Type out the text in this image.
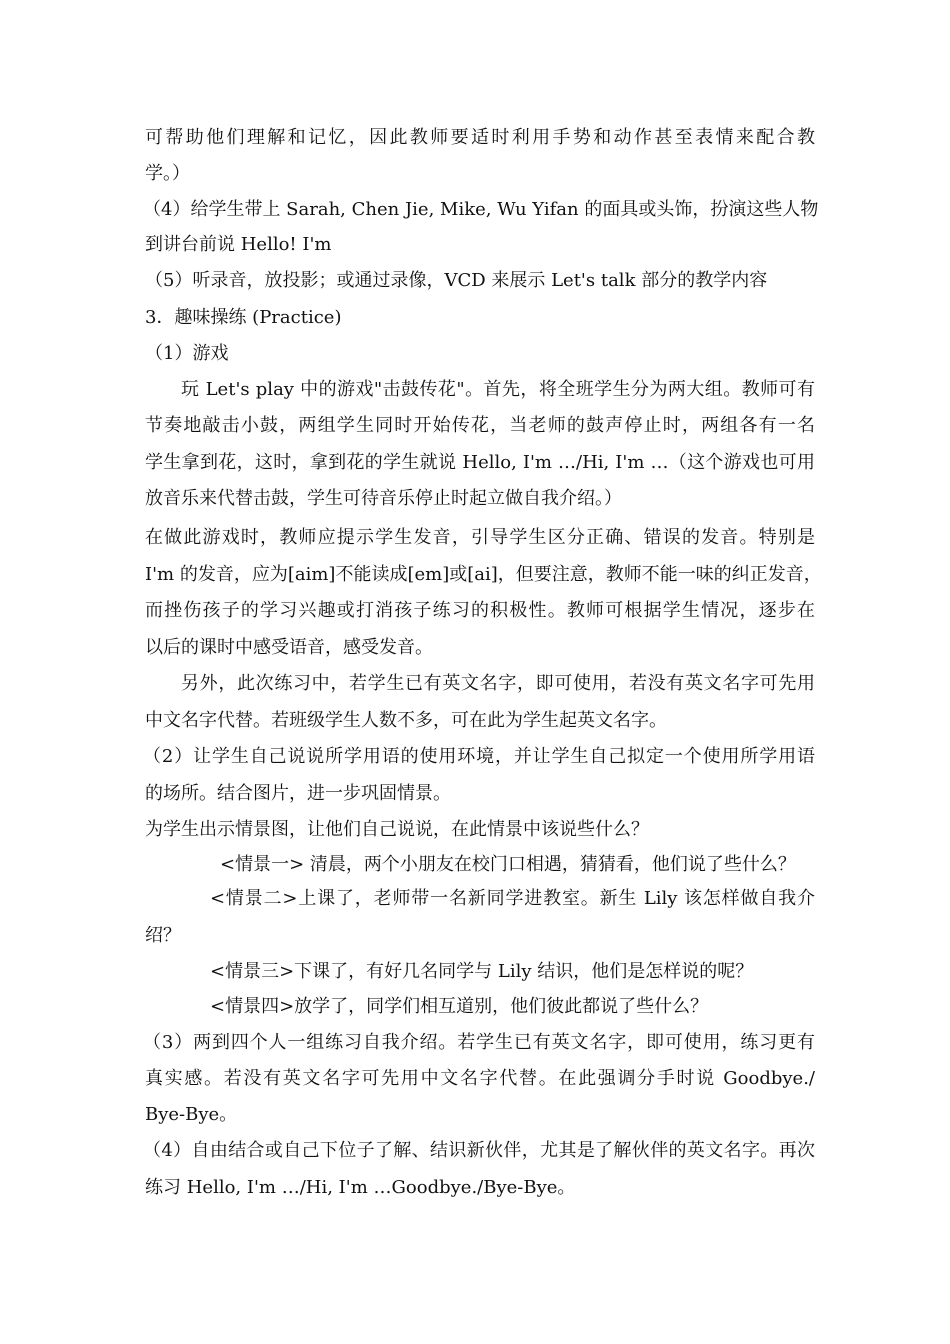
可帮助他们理解和记忆，因此教师要适时利用手势和动作甚至表情来配合教
学。）
（4）给学生带上 Sarah, Chen Jie, Mike, Wu Yifan 的面具或头饰，扮演这些人物
到讲台前说 Hello! I'm
（5）听录音，放投影；或通过录像，VCD 来展示 Let's talk 部分的教学内容
3．趣味操练 (Practice)
（1）游戏
玩 Let's play 中的游戏"击鼓传花"。首先，将全班学生分为两大组。教师可有
节奏地敲击小鼓，两组学生同时开始传花，当老师的鼓声停止时，两组各有一名
学生拿到花，这时，拿到花的学生就说 Hello, I'm …/Hi, I'm …（这个游戏也可用
放音乐来代替击鼓，学生可待音乐停止时起立做自我介绍。）
在做此游戏时，教师应提示学生发音，引导学生区分正确、错误的发音。特别是
I'm 的发音，应为[aim]不能读成[em]或[ai]，但要注意，教师不能一味的纠正发音，
而挫伤孩子的学习兴趣或打消孩子练习的积极性。教师可根据学生情况，逐步在
以后的课时中感受语音，感受发音。
另外，此次练习中，若学生已有英文名字，即可使用，若没有英文名字可先用
中文名字代替。若班级学生人数不多，可在此为学生起英文名字。
（2）让学生自己说说所学用语的使用环境，并让学生自己拟定一个使用所学用语
的场所。结合图片，进一步巩固情景。
为学生出示情景图，让他们自己说说，在此情景中该说些什么？
<情景一> 清晨，两个小朋友在校门口相遇，猜猜看，他们说了些什么？
<情景二>上课了，老师带一名新同学进教室。新生 Lily 该怎样做自我介
绍？
<情景三>下课了，有好几名同学与 Lily 结识，他们是怎样说的呢？
<情景四>放学了，同学们相互道别，他们彼此都说了些什么？
（3）两到四个人一组练习自我介绍。若学生已有英文名字，即可使用，练习更有
真实感。若没有英文名字可先用中文名字代替。在此强调分手时说 Goodbye./
Bye-Bye。
（4）自由结合或自己下位子了解、结识新伙伴，尤其是了解伙伴的英文名字。再次
练习 Hello, I'm …/Hi, I'm …Goodbye./Bye-Bye。
